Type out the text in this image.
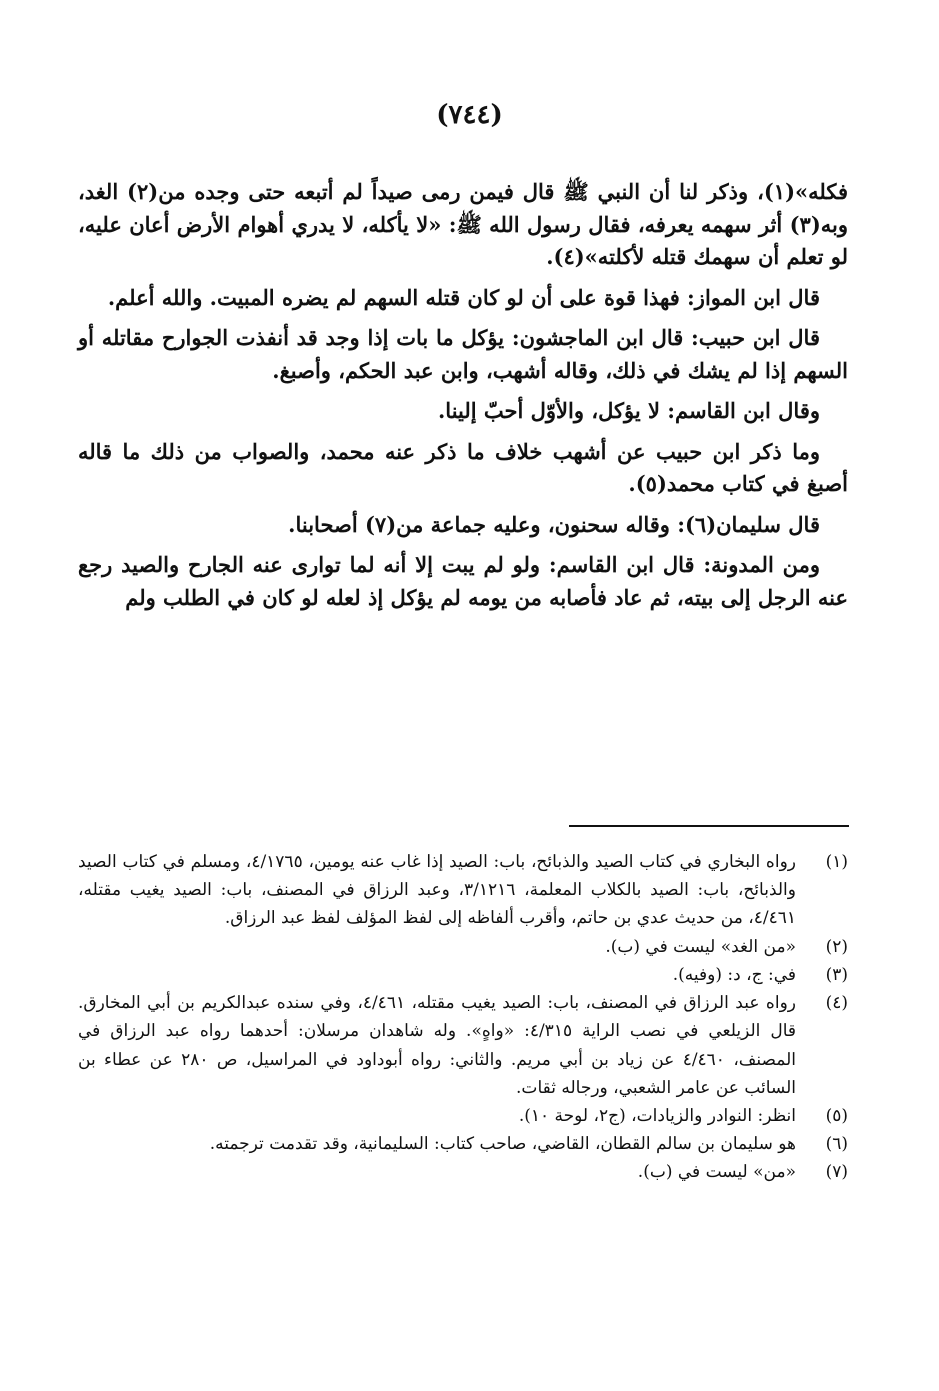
(٧٤٤)

فكله»(١)، وذكر لنا أن النبي ﷺ قال فيمن رمى صيداً لم أتبعه حتى وجده من(٢) الغد، وبه(٣) أثر سهمه يعرفه، فقال رسول الله ﷺ: «لا يأكله، لا يدري أهوام الأرض أعان عليه، لو تعلم أن سهمك قتله لأكلته»(٤).

قال ابن المواز: فهذا قوة على أن لو كان قتله السهم لم يضره المبيت. والله أعلم.

قال ابن حبيب: قال ابن الماجشون: يؤكل ما بات إذا وجد قد أنفذت الجوارح مقاتله أو السهم إذا لم يشك في ذلك، وقاله أشهب، وابن عبد الحكم، وأصبغ.

وقال ابن القاسم: لا يؤكل، والأوّل أحبّ إلينا.

وما ذكر ابن حبيب عن أشهب خلاف ما ذكر عنه محمد، والصواب من ذلك ما قاله أصبغ في كتاب محمد(٥).

قال سليمان(٦): وقاله سحنون، وعليه جماعة من(٧) أصحابنا.

ومن المدونة: قال ابن القاسم: ولو لم يبت إلا أنه لما توارى عنه الجارح والصيد رجع عنه الرجل إلى بيته، ثم عاد فأصابه من يومه لم يؤكل إذ لعله لو كان في الطلب ولم

(١)
رواه البخاري في كتاب الصيد والذبائح، باب: الصيد إذا غاب عنه يومين، ٤/١٧٦٥، ومسلم في كتاب الصيد والذبائح، باب: الصيد بالكلاب المعلمة، ٣/١٢١٦، وعبد الرزاق في المصنف، باب: الصيد يغيب مقتله، ٤/٤٦١، من حديث عدي بن حاتم، وأقرب ألفاظه إلى لفظ المؤلف لفظ عبد الرزاق.
(٢)
«من الغد» ليست في (ب).
(٣)
في: ج، د: (وفيه).
(٤)
رواه عبد الرزاق في المصنف، باب: الصيد يغيب مقتله، ٤/٤٦١، وفي سنده عبدالكريم بن أبي المخارق. قال الزيلعي في نصب الراية ٤/٣١٥: «واهٍ». وله شاهدان مرسلان: أحدهما رواه عبد الرزاق في المصنف، ٤/٤٦٠ عن زياد بن أبي مريم. والثاني: رواه أبوداود في المراسيل، ص ٢٨٠ عن عطاء بن السائب عن عامر الشعبي، ورجاله ثقات.
(٥)
انظر: النوادر والزيادات، (ج٢، لوحة ١٠).
(٦)
هو سليمان بن سالم القطان، القاضي، صاحب كتاب: السليمانية، وقد تقدمت ترجمته.
(٧)
«من» ليست في (ب).
